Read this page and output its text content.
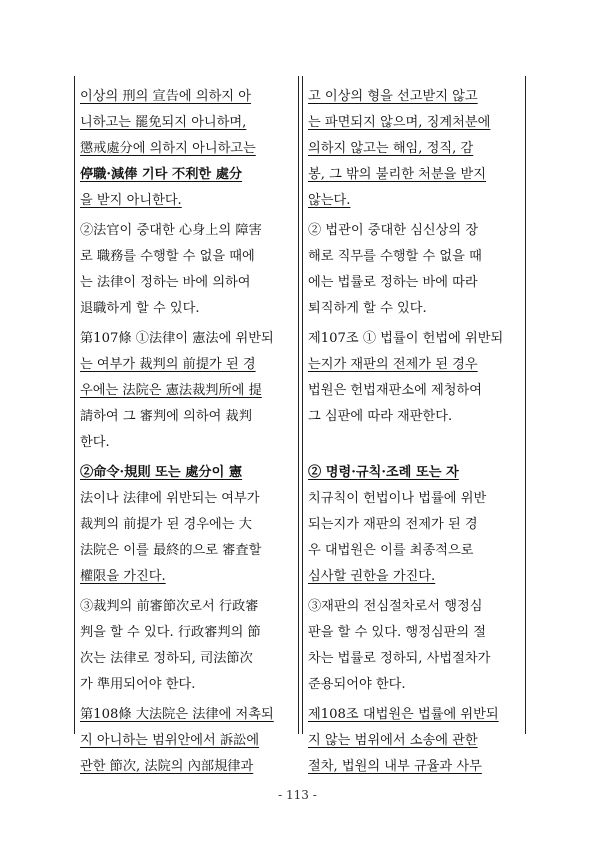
이상의 刑의 宣告에 의하지 아
니하고는 罷免되지 아니하며,
懲戒處分에 의하지 아니하고는
停職·減俸 기타 不利한 處分
을 받지 아니한다.
②法官이 중대한 心身上의 障害
로 職務를 수행할 수 없을 때에
는 法律이 정하는 바에 의하여
退職하게 할 수 있다.
第107條 ①法律이 憲法에 위반되
는 여부가 裁判의 前提가 된 경
우에는 法院은 憲法裁判所에 提
請하여 그 審判에 의하여 裁判
한다.
②命令·規則 또는 處分이 憲
法이나 法律에 위반되는 여부가
裁判의 前提가 된 경우에는 大
法院은 이를 最終的으로 審査할
權限을 가진다.
③裁判의 前審節次로서 行政審
判을 할 수 있다. 行政審判의 節
次는 法律로 정하되, 司法節次
가 準用되어야 한다.
第108條 大法院은 法律에 저촉되
지 아니하는 범위안에서 訴訟에
관한 節次, 法院의 內部規律과
고 이상의 형을 선고받지 않고
는 파면되지 않으며, 징계처분에
의하지 않고는 해임, 정직, 감
봉, 그 밖의 불리한 처분을 받지
않는다.
② 법관이 중대한 심신상의 장
해로 직무를 수행할 수 없을 때
에는 법률로 정하는 바에 따라
퇴직하게 할 수 있다.
제107조 ① 법률이 헌법에 위반되
는지가 재판의 전제가 된 경우
법원은 헌법재판소에 제청하여
그 심판에 따라 재판한다.
② 명령·규칙·조례 또는 자
치규칙이 헌법이나 법률에 위반
되는지가 재판의 전제가 된 경
우 대법원은 이를 최종적으로
심사할 권한을 가진다.
③재판의 전심절차로서 행정심
판을 할 수 있다. 행정심판의 절
차는 법률로 정하되, 사법절차가
준용되어야 한다.
제108조 대법원은 법률에 위반되
지 않는 범위에서 소송에 관한
절차, 법원의 내부 규율과 사무
- 113 -
